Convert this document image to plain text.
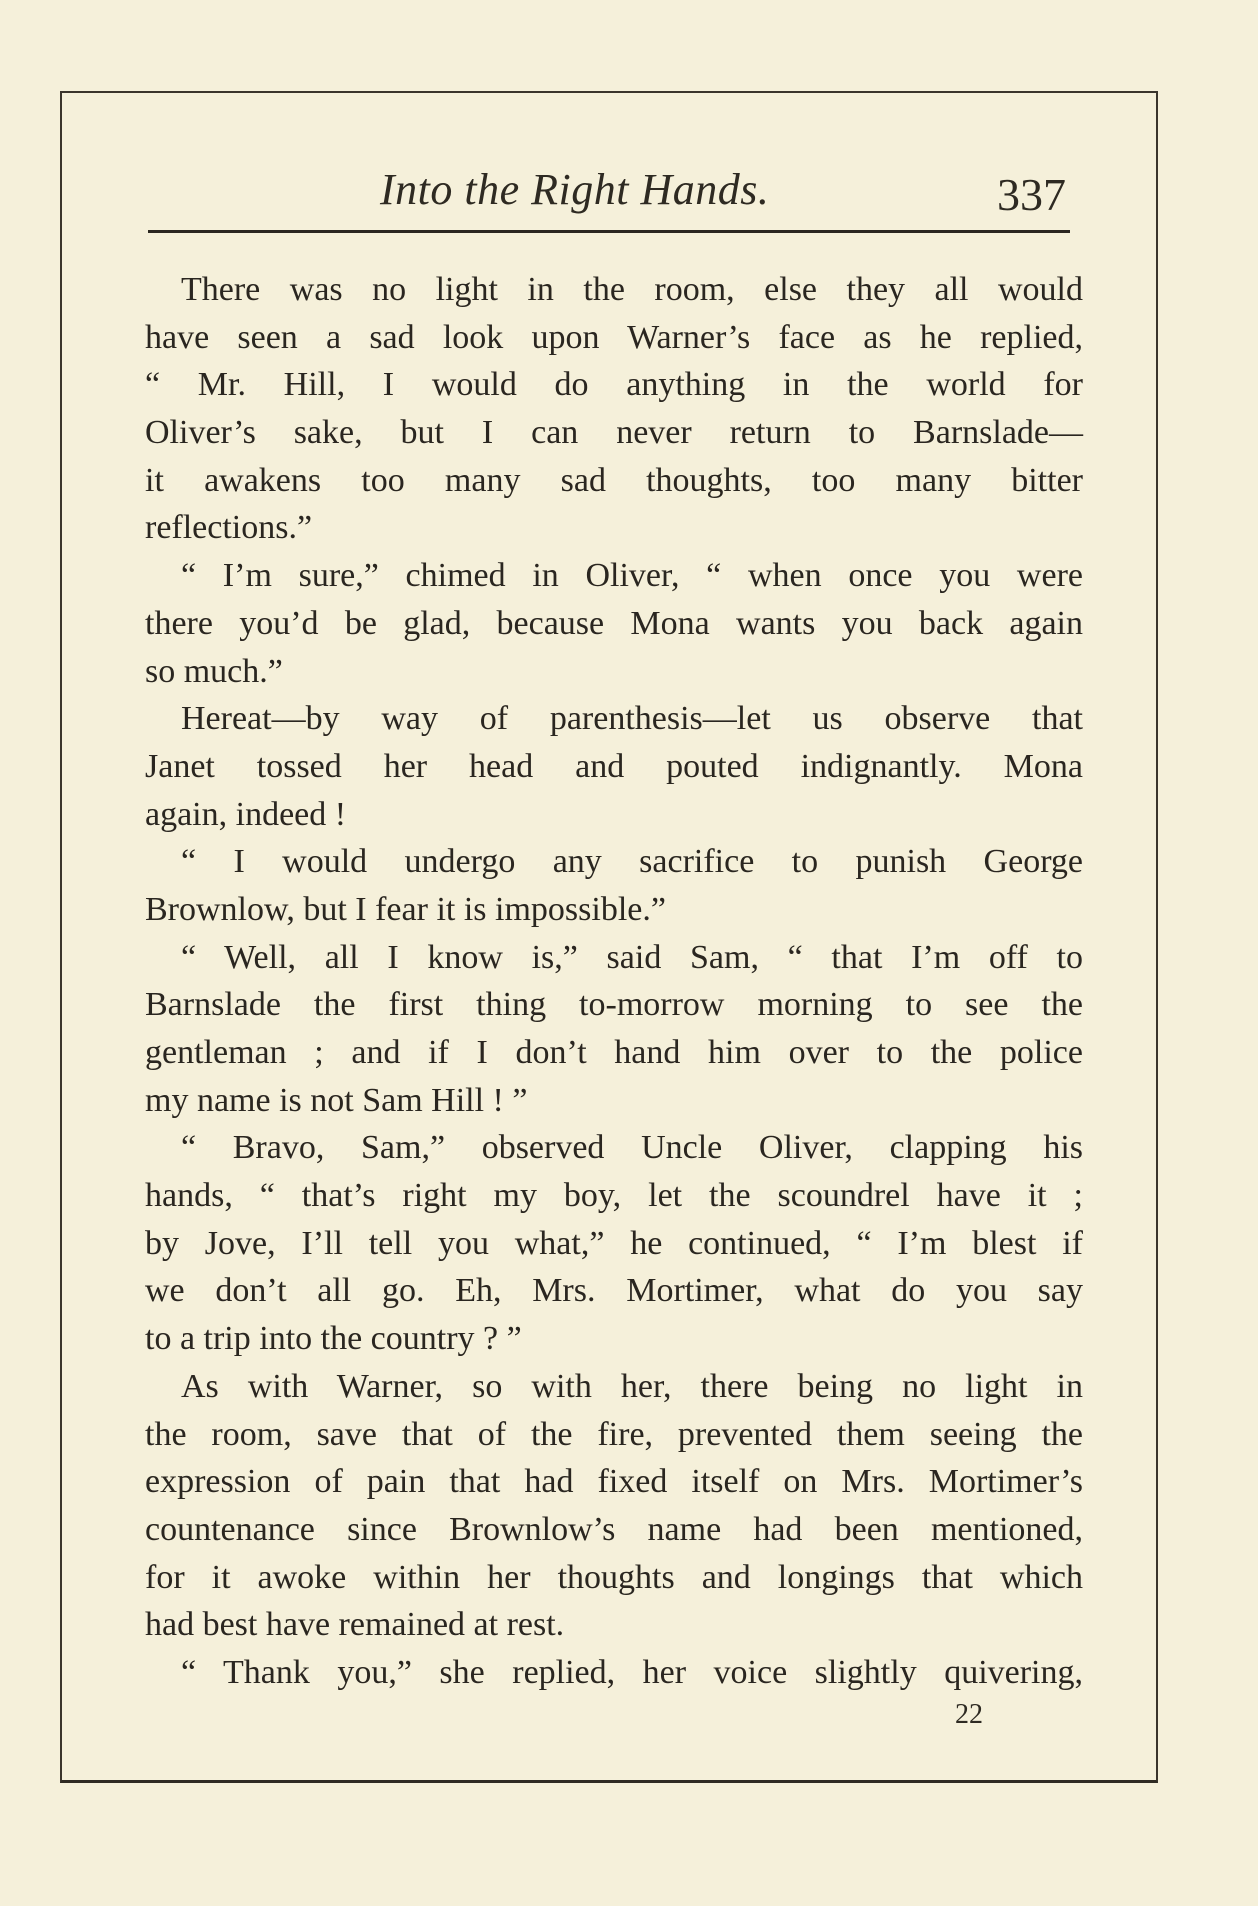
Into the Right Hands.	337
There was no light in the room, else they all would
have seen a sad look upon Warner’s face as he replied,
“ Mr. Hill, I would do anything in the world for
Oliver’s sake, but I can never return to Barnslade—
it awakens too many sad thoughts, too many bitter
reflections.”
“ I’m sure,” chimed in Oliver, “ when once you were
there you’d be glad, because Mona wants you back again
so much.”
Hereat—by way of parenthesis—let us observe that
Janet tossed her head and pouted indignantly. Mona
again, indeed !
“ I would undergo any sacrifice to punish George
Brownlow, but I fear it is impossible.”
“ Well, all I know is,” said Sam, “ that I’m off to
Barnslade the first thing to-morrow morning to see the
gentleman ; and if I don’t hand him over to the police
my name is not Sam Hill ! ”
“ Bravo, Sam,” observed Uncle Oliver, clapping his
hands, “ that’s right my boy, let the scoundrel have it ;
by Jove, I’ll tell you what,” he continued, “ I’m blest if
we don’t all go. Eh, Mrs. Mortimer, what do you say
to a trip into the country ? ”
As with Warner, so with her, there being no light in
the room, save that of the fire, prevented them seeing the
expression of pain that had fixed itself on Mrs. Mortimer’s
countenance since Brownlow’s name had been mentioned,
for it awoke within her thoughts and longings that which
had best have remained at rest.
“ Thank you,” she replied, her voice slightly quivering,
22
